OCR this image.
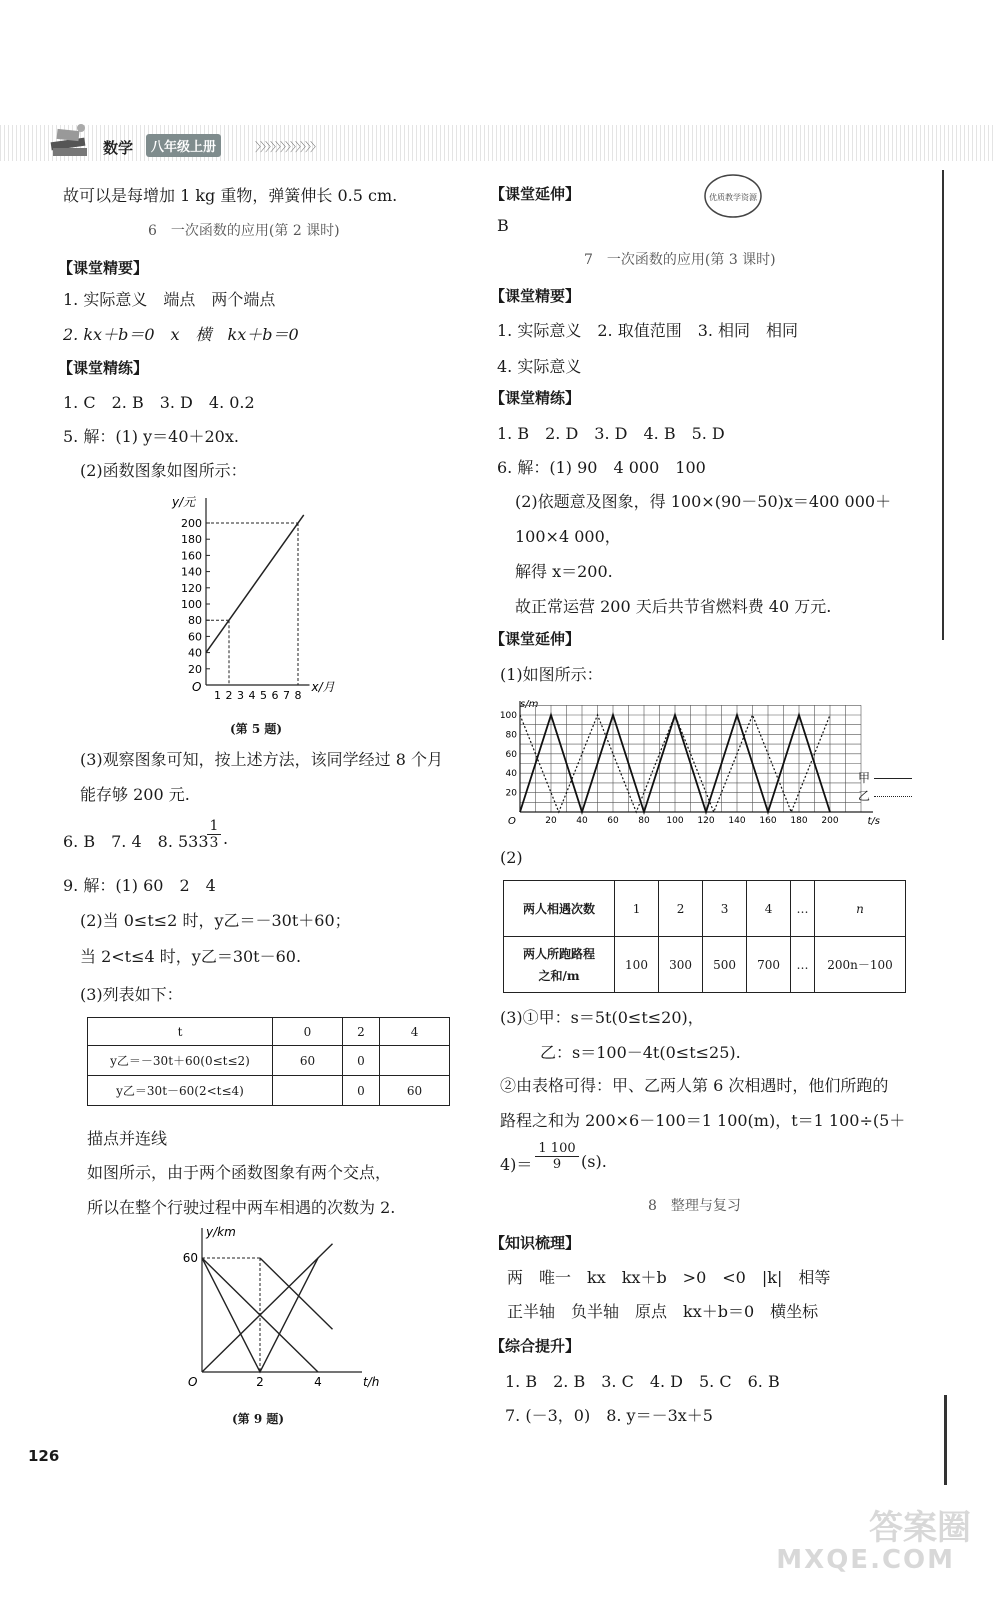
数学	八年级上册	〉〉〉〉〉〉〉〉〉〉〉〉
故可以是每增加 1 kg 重物，弹簧伸长 0.5 cm.
6　一次函数的应用(第 2 课时)
【课堂精要】
1. 实际意义　端点　两个端点
2. kx＋b＝0　x　横　kx＋b＝0
【课堂精练】
1. C　2. B　3. D　4. 0.2
5. 解：(1) y＝40＋20x.
(2)函数图象如图所示：
y/元
x/月
O
20
40
60
80
100
120
140
160
180
200
1 2 3 4 5 6 7 8
(第 5 题)
(3)观察图象可知，按上述方法，该同学经过 8 个月
能存够 200 元.
6. B　7. 4　8. 533
$\frac{1}{3}$ .
9. 解：(1) 60　2　4
(2)当 0≤t≤2 时，y乙＝－30t＋60；
当 2<t≤4 时，y乙＝30t－60.
(3)列表如下：
t	0	2	4
y乙＝－30t＋60(0≤t≤2)	60	0	
y乙＝30t－60(2<t≤4)		0	60
描点并连线
如图所示，由于两个函数图象有两个交点，
所以在整个行驶过程中两车相遇的次数为 2.
y/km
t/h
O
60
2	4
(第 9 题)
126
【课堂延伸】
B
优质教学资源
7　一次函数的应用(第 3 课时)
【课堂精要】
1. 实际意义　2. 取值范围　3. 相同　相同
4. 实际意义
【课堂精练】
1. B　2. D　3. D　4. B　5. D
6. 解：(1) 90　4 000　100
(2)依题意及图象，得 100×(90－50)x＝400 000＋
100×4 000，
解得 x＝200.
故正常运营 200 天后共节省燃料费 40 万元.
【课堂延伸】
(1)如图所示：
s/m
t/s
O
20
40
60
80
100
20 40 60 80 100 120 140 160 180 200
甲
乙
(2)
两人相遇次数	1	2	3	4	…	n

两人所跑路程
之和/m	100	300	500	700	…	200n－100
(3)①甲：s＝5t(0≤t≤20)，
乙：s＝100－4t(0≤t≤25).
②由表格可得：甲、乙两人第 6 次相遇时，他们所跑的
路程之和为 200×6－100＝1 100(m)，t＝1 100÷(5＋
$4)= \frac{1 100}{9} (s)$.
8　整理与复习
【知识梳理】
两　唯一　kx　kx＋b　>0　<0　|k|　相等
正半轴　负半轴　原点　kx＋b＝0　横坐标
【综合提升】
1. B　2. B　3. C　4. D　5. C　6. B
7. (－3，0)　8. y＝－3x＋5
答案圈
MXQE.COM
